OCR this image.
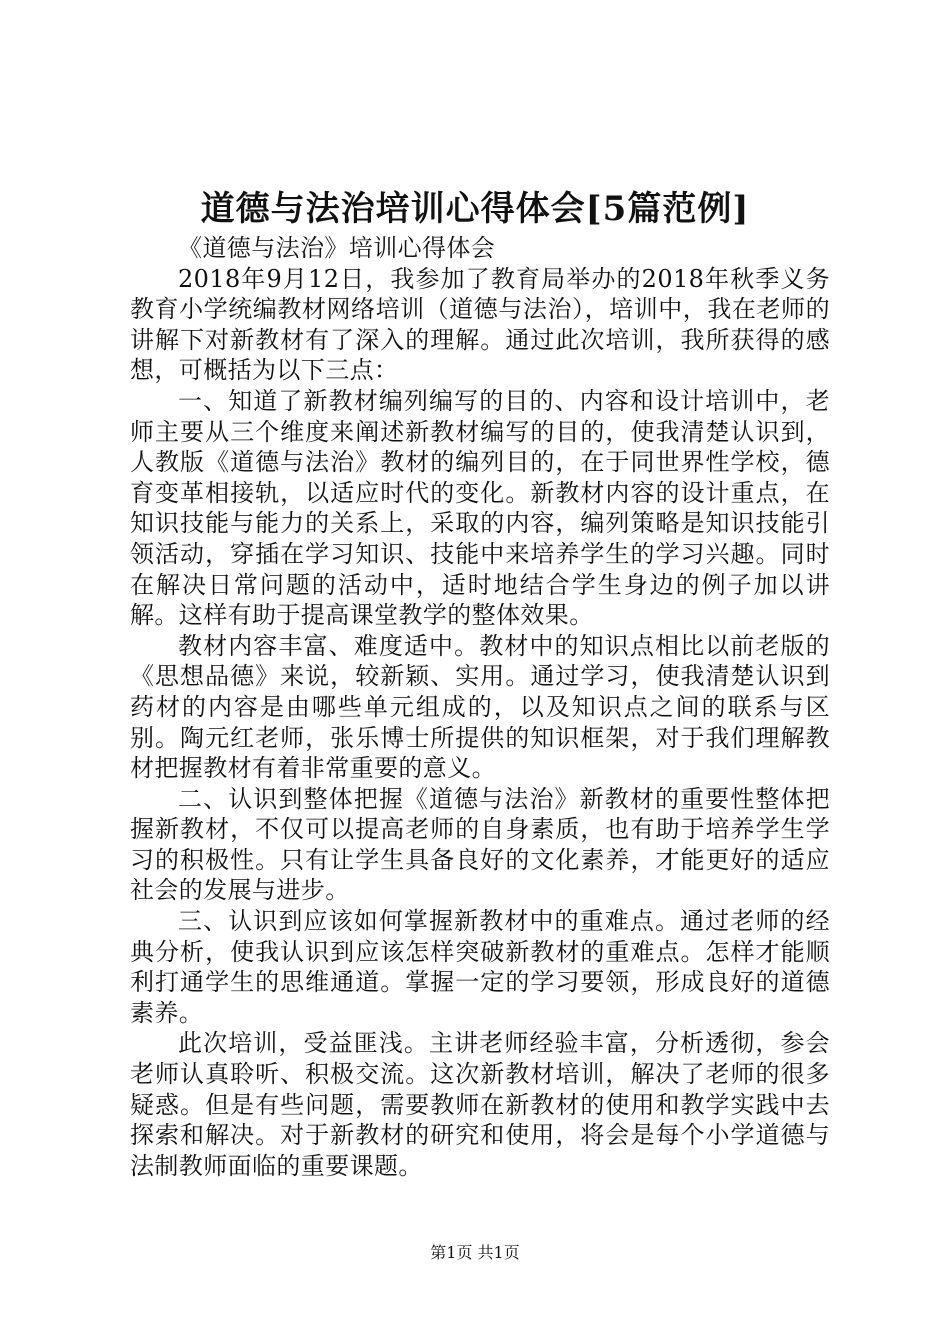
道德与法治培训心得体会[5篇范例]

《道德与法治》培训心得体会

2018年9月12日，我参加了教育局举办的2018年秋季义务教育小学统编教材网络培训（道德与法治），培训中，我在老师的讲解下对新教材有了深入的理解。通过此次培训，我所获得的感想，可概括为以下三点：

一、知道了新教材编列编写的目的、内容和设计培训中，老师主要从三个维度来阐述新教材编写的目的，使我清楚认识到，人教版《道德与法治》教材的编列目的，在于同世界性学校，德育变革相接轨，以适应时代的变化。新教材内容的设计重点，在知识技能与能力的关系上，采取的内容，编列策略是知识技能引领活动，穿插在学习知识、技能中来培养学生的学习兴趣。同时在解决日常问题的活动中，适时地结合学生身边的例子加以讲解。这样有助于提高课堂教学的整体效果。

教材内容丰富、难度适中。教材中的知识点相比以前老版的《思想品德》来说，较新颖、实用。通过学习，使我清楚认识到药材的内容是由哪些单元组成的，以及知识点之间的联系与区别。陶元红老师，张乐博士所提供的知识框架，对于我们理解教材把握教材有着非常重要的意义。

二、认识到整体把握《道德与法治》新教材的重要性整体把握新教材，不仅可以提高老师的自身素质，也有助于培养学生学习的积极性。只有让学生具备良好的文化素养，才能更好的适应社会的发展与进步。

三、认识到应该如何掌握新教材中的重难点。通过老师的经典分析，使我认识到应该怎样突破新教材的重难点。怎样才能顺利打通学生的思维通道。掌握一定的学习要领，形成良好的道德素养。

此次培训，受益匪浅。主讲老师经验丰富，分析透彻，参会老师认真聆听、积极交流。这次新教材培训，解决了老师的很多疑惑。但是有些问题，需要教师在新教材的使用和教学实践中去探索和解决。对于新教材的研究和使用，将会是每个小学道德与法制教师面临的重要课题。

第1页 共1页
